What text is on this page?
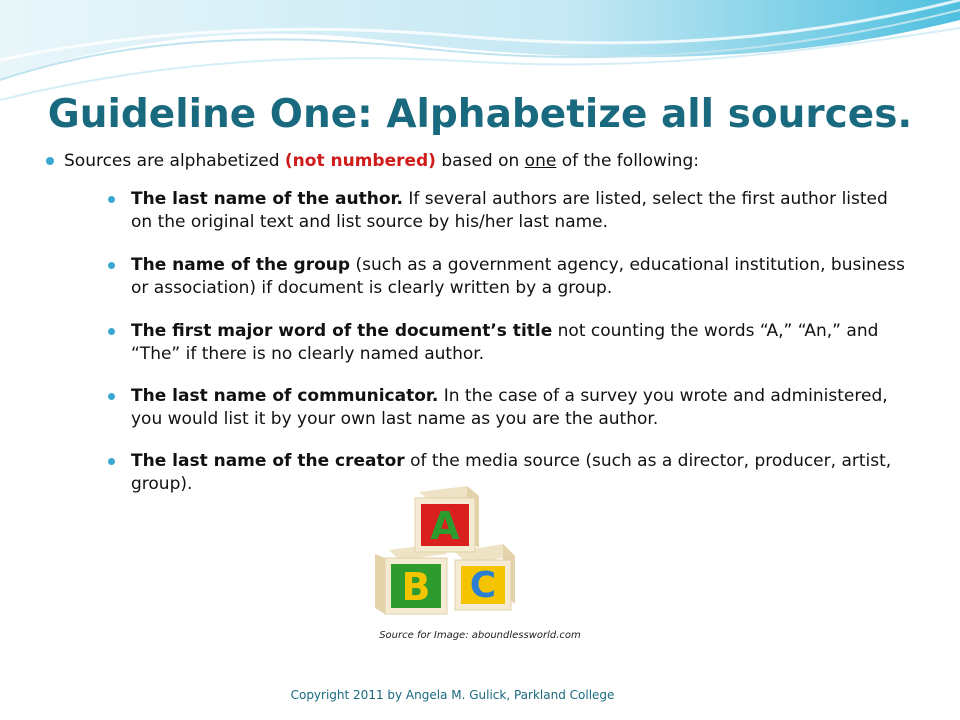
Guideline One: Alphabetize all sources.
Sources are alphabetized (not numbered) based on one of the following:
The last name of the author. If several authors are listed, select the first author listed on the original text and list source by his/her last name.
The name of the group (such as a government agency, educational institution, business or association) if document is clearly written by a group.
The first major word of the document’s title not counting the words “A,” “An,” and “The” if there is no clearly named author.
The last name of communicator. In the case of a survey you wrote and administered, you would list it by your own last name as you are the author.
The last name of the creator of the media source (such as a director, producer, artist, group).
C
B
A
Source for Image: aboundlessworld.com
Copyright 2011 by Angela M. Gulick, Parkland College
